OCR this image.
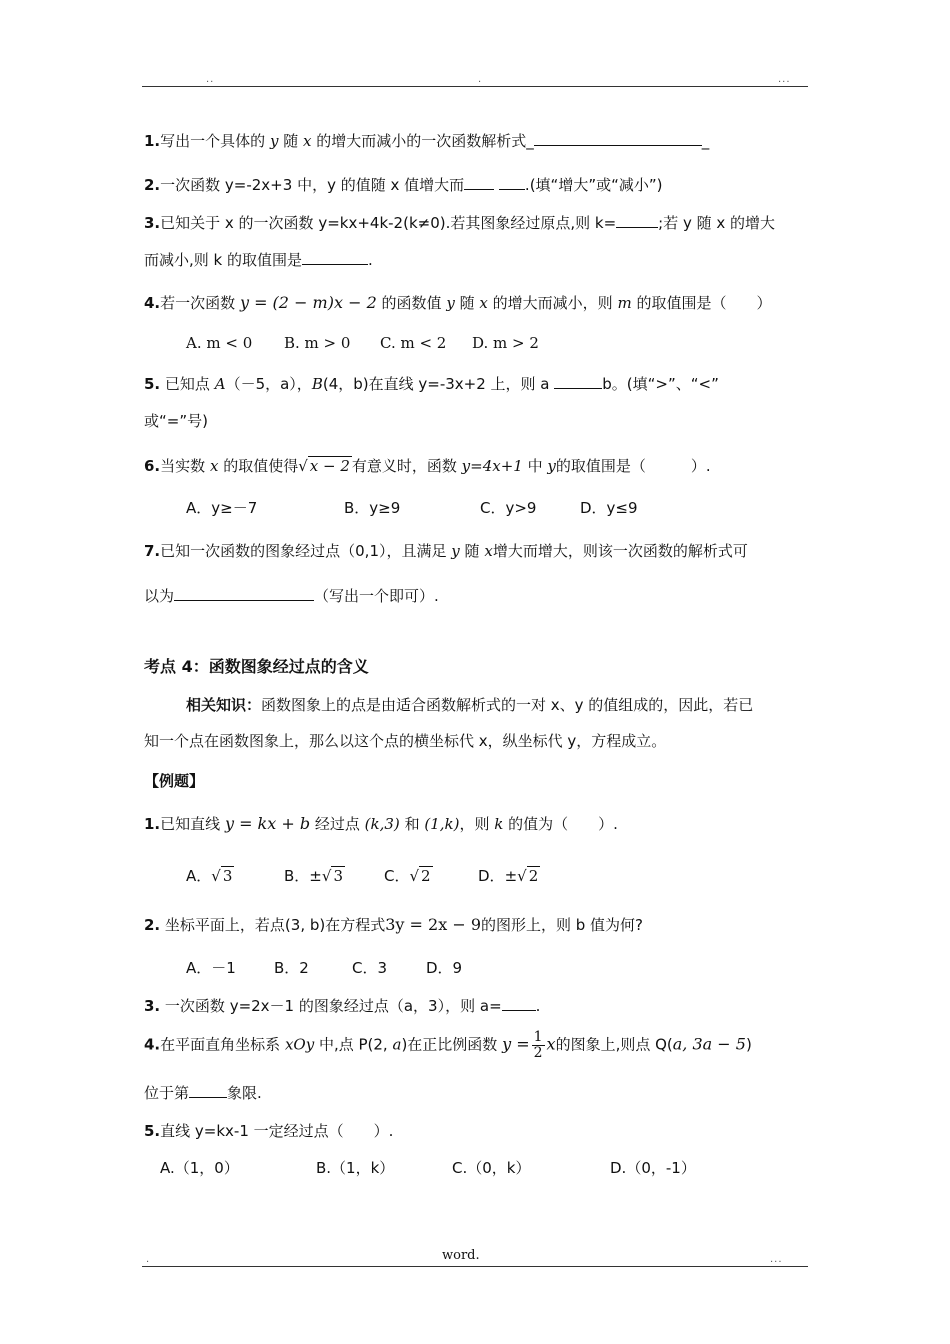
..	.	...
1.写出一个具体的 y 随 x 的增大而减小的一次函数解析式_	_
2.一次函数 y=-2x+3 中，y 的值随 x 值增大而	.(填“增大”或“减小”)
3.已知关于 x 的一次函数 y=kx+4k-2(k≠0).若其图象经过原点,则 k=	;若 y 随 x 的增大
而减小,则 k 的取值围是	.
4.若一次函数 y = (2 − m)x − 2 的函数值 y 随 x 的增大而减小，则 m 的取值围是（　　）
A. m < 0 B. m > 0 C. m < 2 D. m > 2
5. 已知点 A（－5，a），B(4，b)在直线 y=-3x+2 上，则 a	b。(填“>”、“<”
或“=”号)
6.当实数 x 的取值使得√ x − 2 有意义时，函数 y=4x+1 中 y的取值围是（　　　）.
A．y≥－7	B．y≥9	C．y>9	D．y≤9
7.已知一次函数的图象经过点（0,1），且满足 y 随 x增大而增大，则该一次函数的解析式可
以为	（写出一个即可）.
考点 4：函数图象经过点的含义
相关知识：函数图象上的点是由适合函数解析式的一对 x、y 的值组成的，因此，若已
知一个点在函数图象上，那么以这个点的横坐标代 x，纵坐标代 y，方程成立。
【例题】
1.已知直线 y = kx + b 经过点 (k,3) 和 (1,k)，则 k 的值为（　　）.
A．√ 3	B．±√ 3	C．√ 2	D．±√ 2
2. 坐标平面上，若点(3, b)在方程式3y = 2x − 9的图形上，则 b 值为何?
A．－1	B．2	C．3	D．9
3. 一次函数 y=2x－1 的图象经过点（a，3），则 a= .
4.在平面直角坐标系 xOy 中,点 P(2, a)在正比例函数 $y = \frac{1}{2}$ x的图象上,则点 Q(a, 3a − 5)
位于第	象限.
5.直线 y=kx-1 一定经过点（　　）.
A.（1，0）	B.（1，k）	C.（0，k）	D.（0，-1）
.	word.	...
